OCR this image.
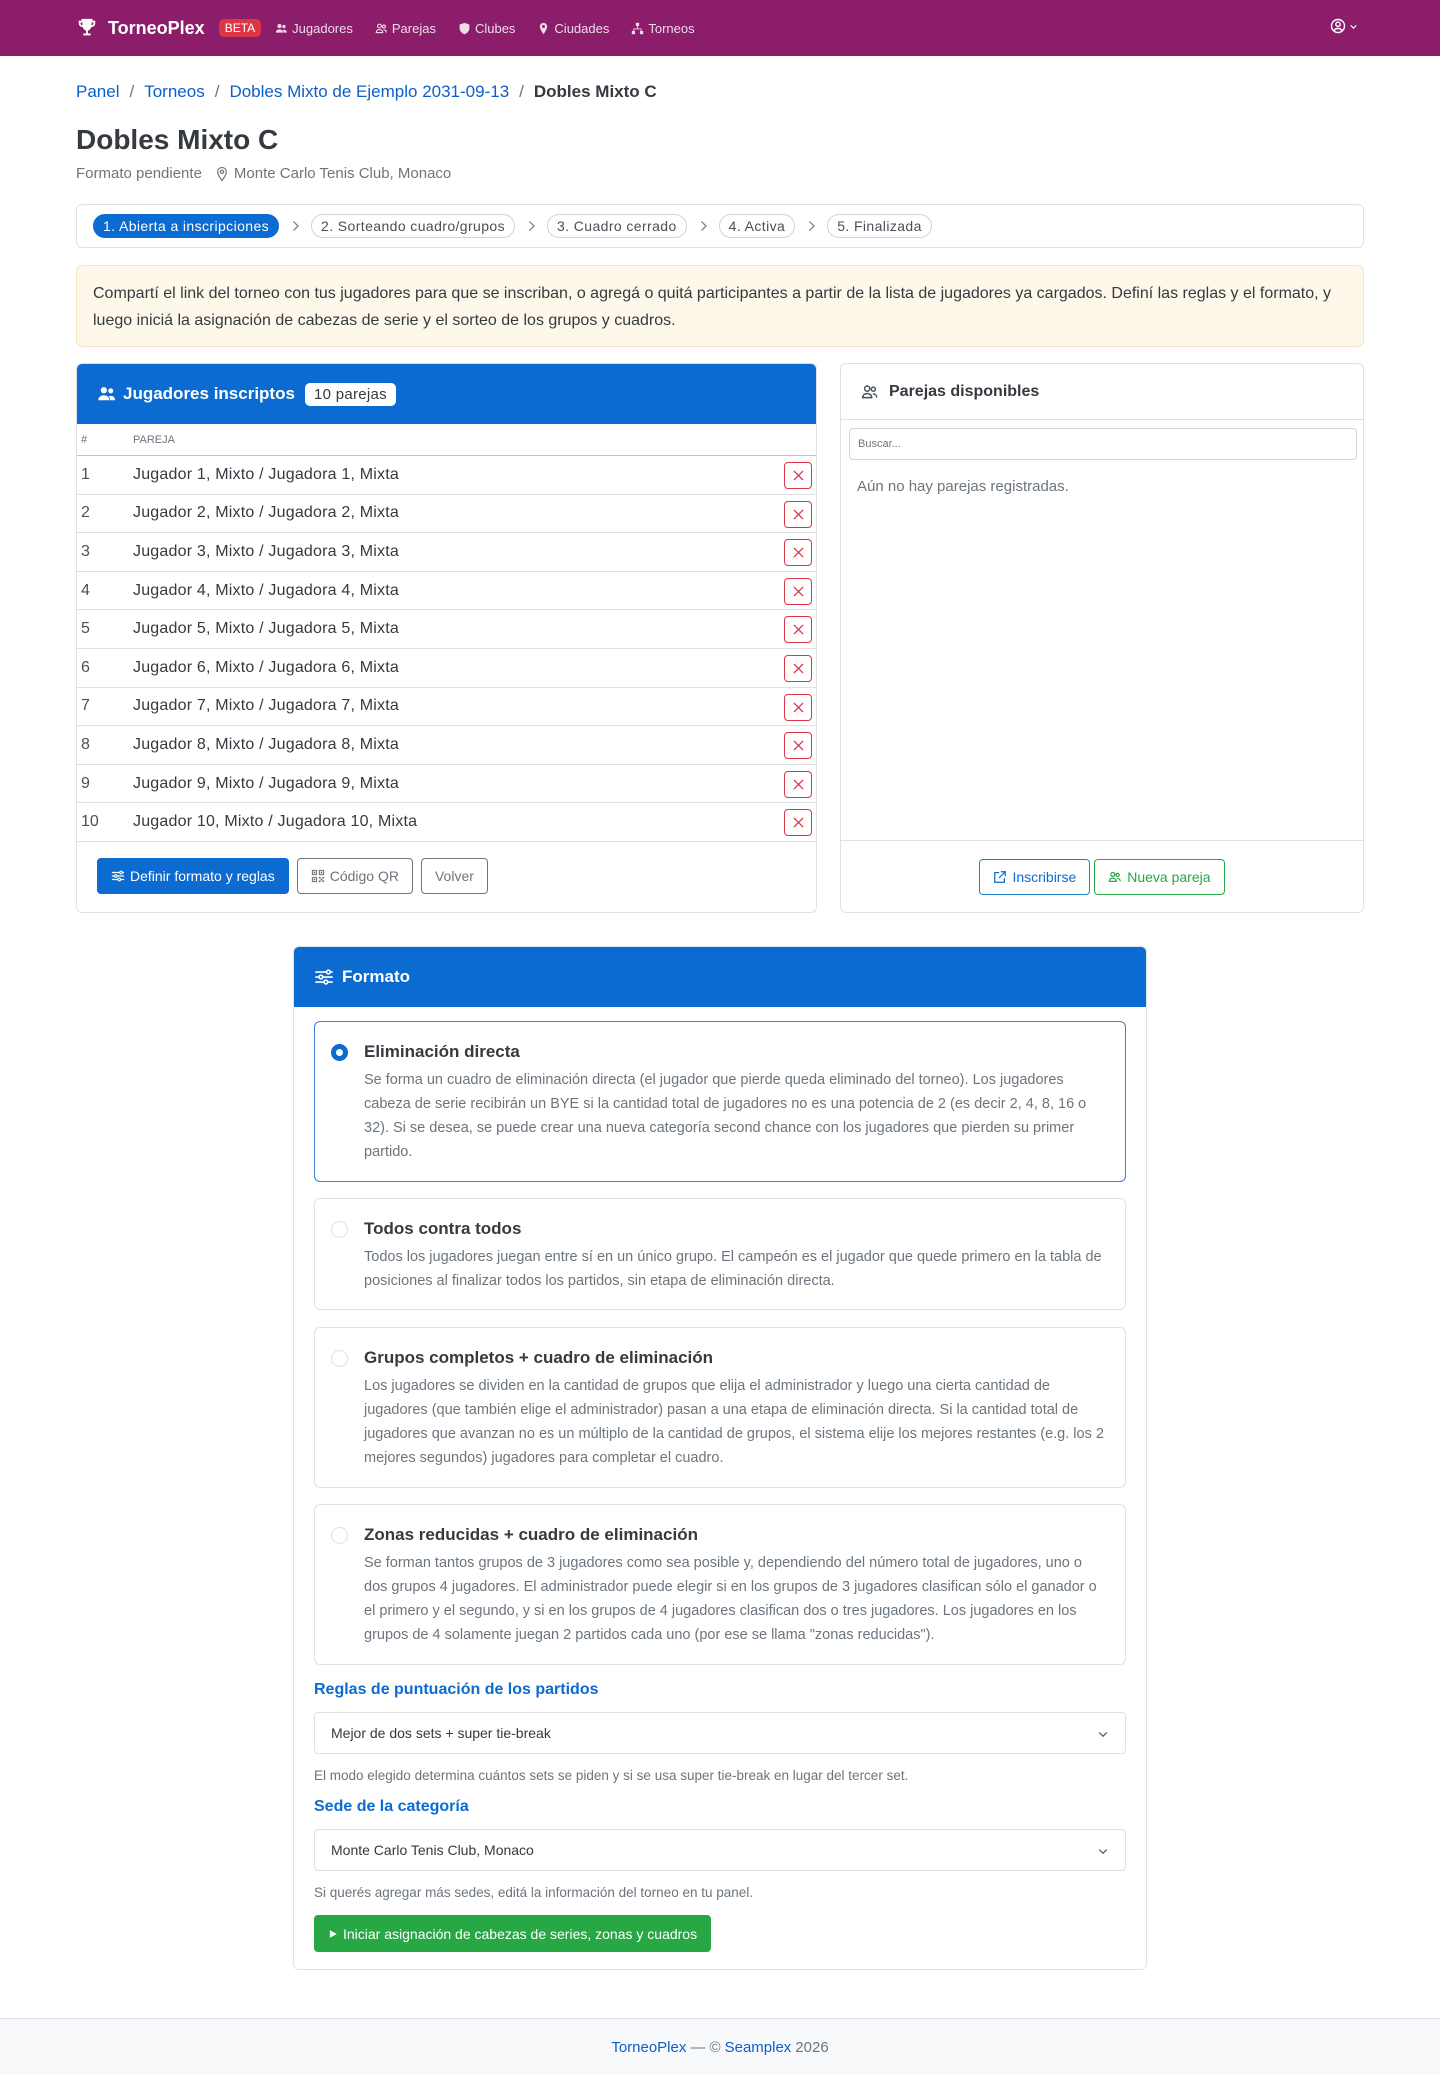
TorneoPlex	BETA	Jugadores	Parejas	Clubes	Ciudades	Torneos
Panel / Torneos / Dobles Mixto de Ejemplo 2031-09-13 / Dobles Mixto C
Dobles Mixto C
Formato pendiente Monte Carlo Tenis Club, Monaco
1. Abierta a inscripciones	2. Sorteando cuadro/grupos	3. Cuadro cerrado	4. Activa	5. Finalizada
Compartí el link del torneo con tus jugadores para que se inscriban, o agregá o quitá participantes a partir de la lista de jugadores ya cargados. Definí las reglas y el formato, y luego iniciá la asignación de cabezas de serie y el sorteo de los grupos y cuadros.
Jugadores inscriptos	10 parejas
#	PAREJA
1	Jugador 1, Mixto / Jugadora 1, Mixta
2	Jugador 2, Mixto / Jugadora 2, Mixta
3	Jugador 3, Mixto / Jugadora 3, Mixta
4	Jugador 4, Mixto / Jugadora 4, Mixta
5	Jugador 5, Mixto / Jugadora 5, Mixta
6	Jugador 6, Mixto / Jugadora 6, Mixta
7	Jugador 7, Mixto / Jugadora 7, Mixta
8	Jugador 8, Mixto / Jugadora 8, Mixta
9	Jugador 9, Mixto / Jugadora 9, Mixta
10	Jugador 10, Mixto / Jugadora 10, Mixta
Definir formato y reglas	Código QR	Volver
Parejas disponibles
Buscar...
Aún no hay parejas registradas.
Inscribirse	Nueva pareja
Formato
Eliminación directa
Se forma un cuadro de eliminación directa (el jugador que pierde queda eliminado del torneo). Los jugadores cabeza de serie recibirán un BYE si la cantidad total de jugadores no es una potencia de 2 (es decir 2, 4, 8, 16 o 32). Si se desea, se puede crear una nueva categoría second chance con los jugadores que pierden su primer partido.
Todos contra todos
Todos los jugadores juegan entre sí en un único grupo. El campeón es el jugador que quede primero en la tabla de posiciones al finalizar todos los partidos, sin etapa de eliminación directa.
Grupos completos + cuadro de eliminación
Los jugadores se dividen en la cantidad de grupos que elija el administrador y luego una cierta cantidad de jugadores (que también elige el administrador) pasan a una etapa de eliminación directa. Si la cantidad total de jugadores que avanzan no es un múltiplo de la cantidad de grupos, el sistema elije los mejores restantes (e.g. los 2 mejores segundos) jugadores para completar el cuadro.
Zonas reducidas + cuadro de eliminación
Se forman tantos grupos de 3 jugadores como sea posible y, dependiendo del número total de jugadores, uno o dos grupos 4 jugadores. El administrador puede elegir si en los grupos de 3 jugadores clasifican sólo el ganador o el primero y el segundo, y si en los grupos de 4 jugadores clasifican dos o tres jugadores. Los jugadores en los grupos de 4 solamente juegan 2 partidos cada uno (por ese se llama "zonas reducidas").
Reglas de puntuación de los partidos
Mejor de dos sets + super tie-break
El modo elegido determina cuántos sets se piden y si se usa super tie-break en lugar del tercer set.
Sede de la categoría
Monte Carlo Tenis Club, Monaco
Si querés agregar más sedes, editá la información del torneo en tu panel.
Iniciar asignación de cabezas de series, zonas y cuadros
TorneoPlex — © Seamplex 2026
